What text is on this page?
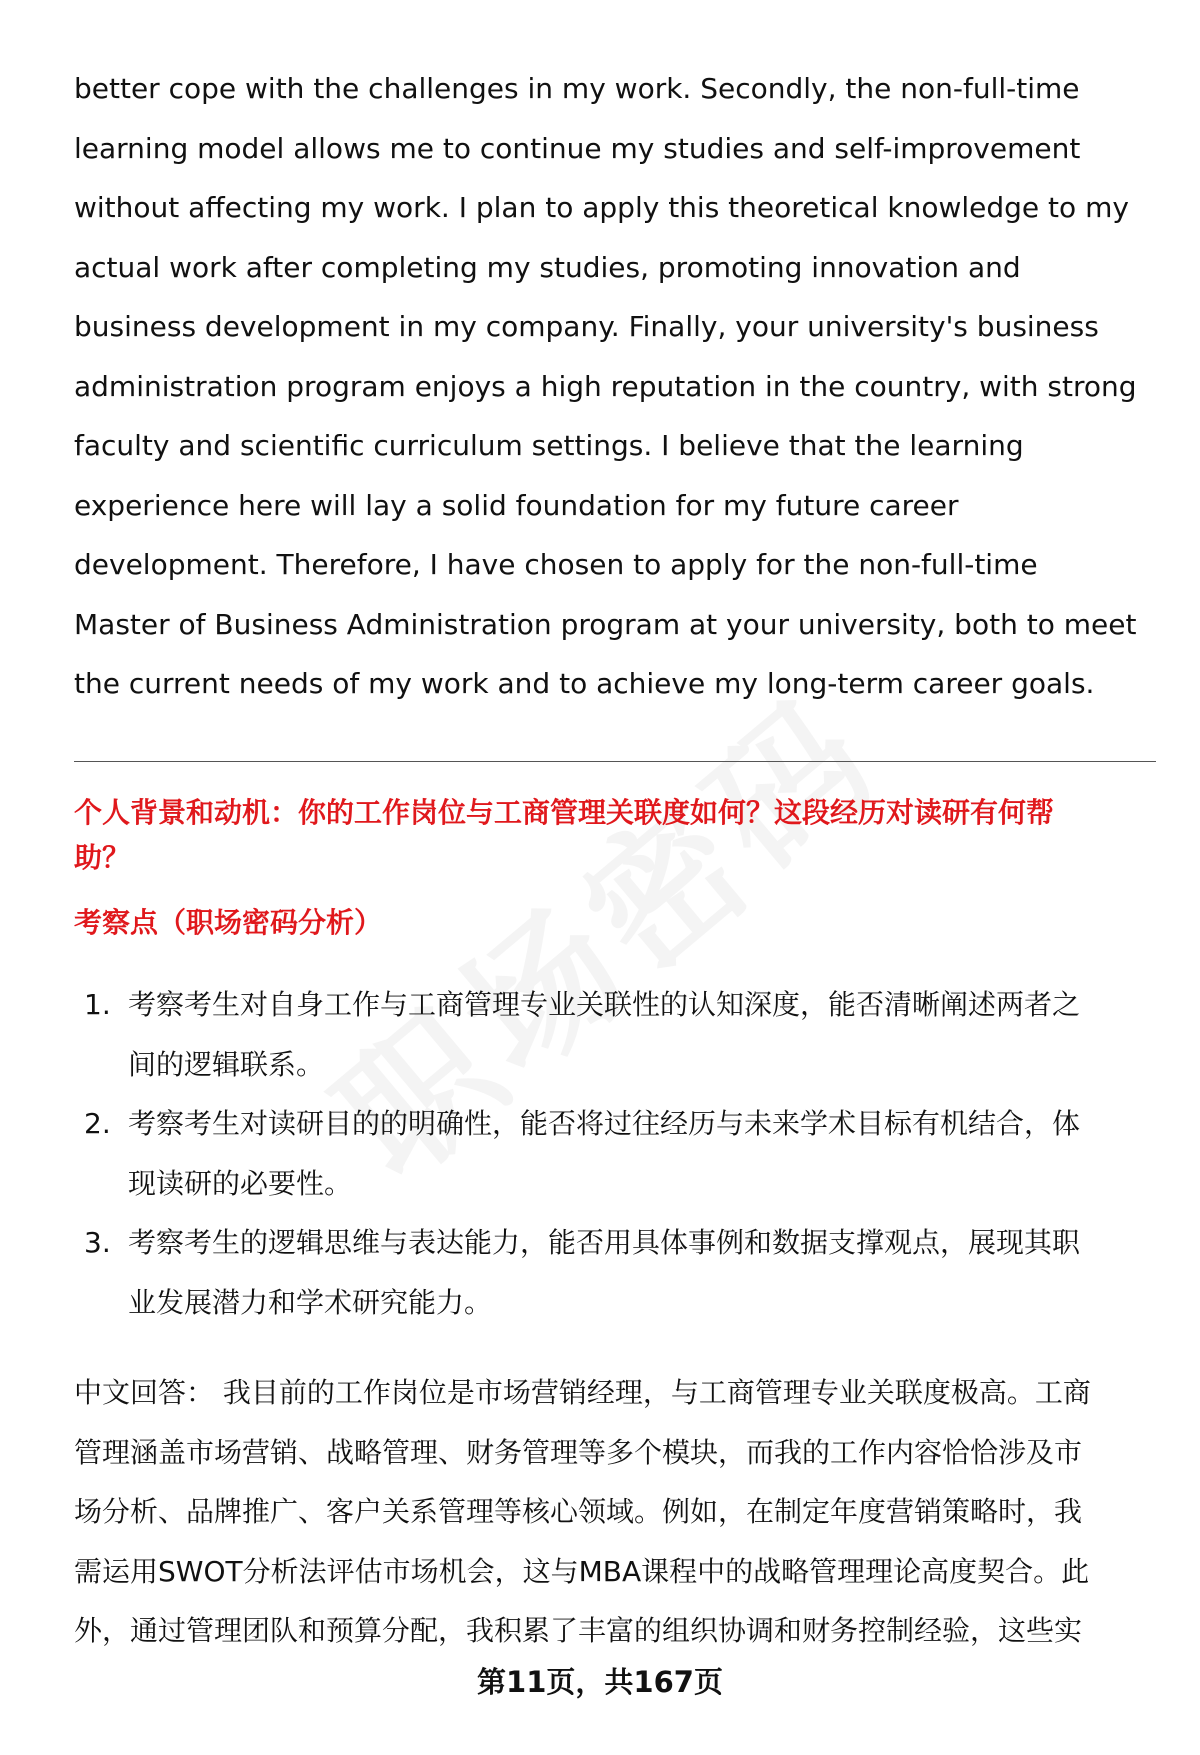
better cope with the challenges in my work. Secondly, the non-full-time
learning model allows me to continue my studies and self-improvement
without affecting my work. I plan to apply this theoretical knowledge to my
actual work after completing my studies, promoting innovation and
business development in my company. Finally, your university's business
administration program enjoys a high reputation in the country, with strong
faculty and scientific curriculum settings. I believe that the learning
experience here will lay a solid foundation for my future career
development. Therefore, I have chosen to apply for the non-full-time
Master of Business Administration program at your university, both to meet
the current needs of my work and to achieve my long-term career goals.

个人背景和动机：你的工作岗位与工商管理关联度如何？这段经历对读研有何帮
助？
考察点（职场密码分析）
1. 考察考生对自身工作与工商管理专业关联性的认知深度，能否清晰阐述两者之
间的逻辑联系。
2. 考察考生对读研目的的明确性，能否将过往经历与未来学术目标有机结合，体
现读研的必要性。
3. 考察考生的逻辑思维与表达能力，能否用具体事例和数据支撑观点，展现其职
业发展潜力和学术研究能力。

中文回答： 我目前的工作岗位是市场营销经理，与工商管理专业关联度极高。工商
管理涵盖市场营销、战略管理、财务管理等多个模块，而我的工作内容恰恰涉及市
场分析、品牌推广、客户关系管理等核心领域。例如，在制定年度营销策略时，我
需运用SWOT分析法评估市场机会，这与MBA课程中的战略管理理论高度契合。此
外，通过管理团队和预算分配，我积累了丰富的组织协调和财务控制经验，这些实

第11页，共167页
